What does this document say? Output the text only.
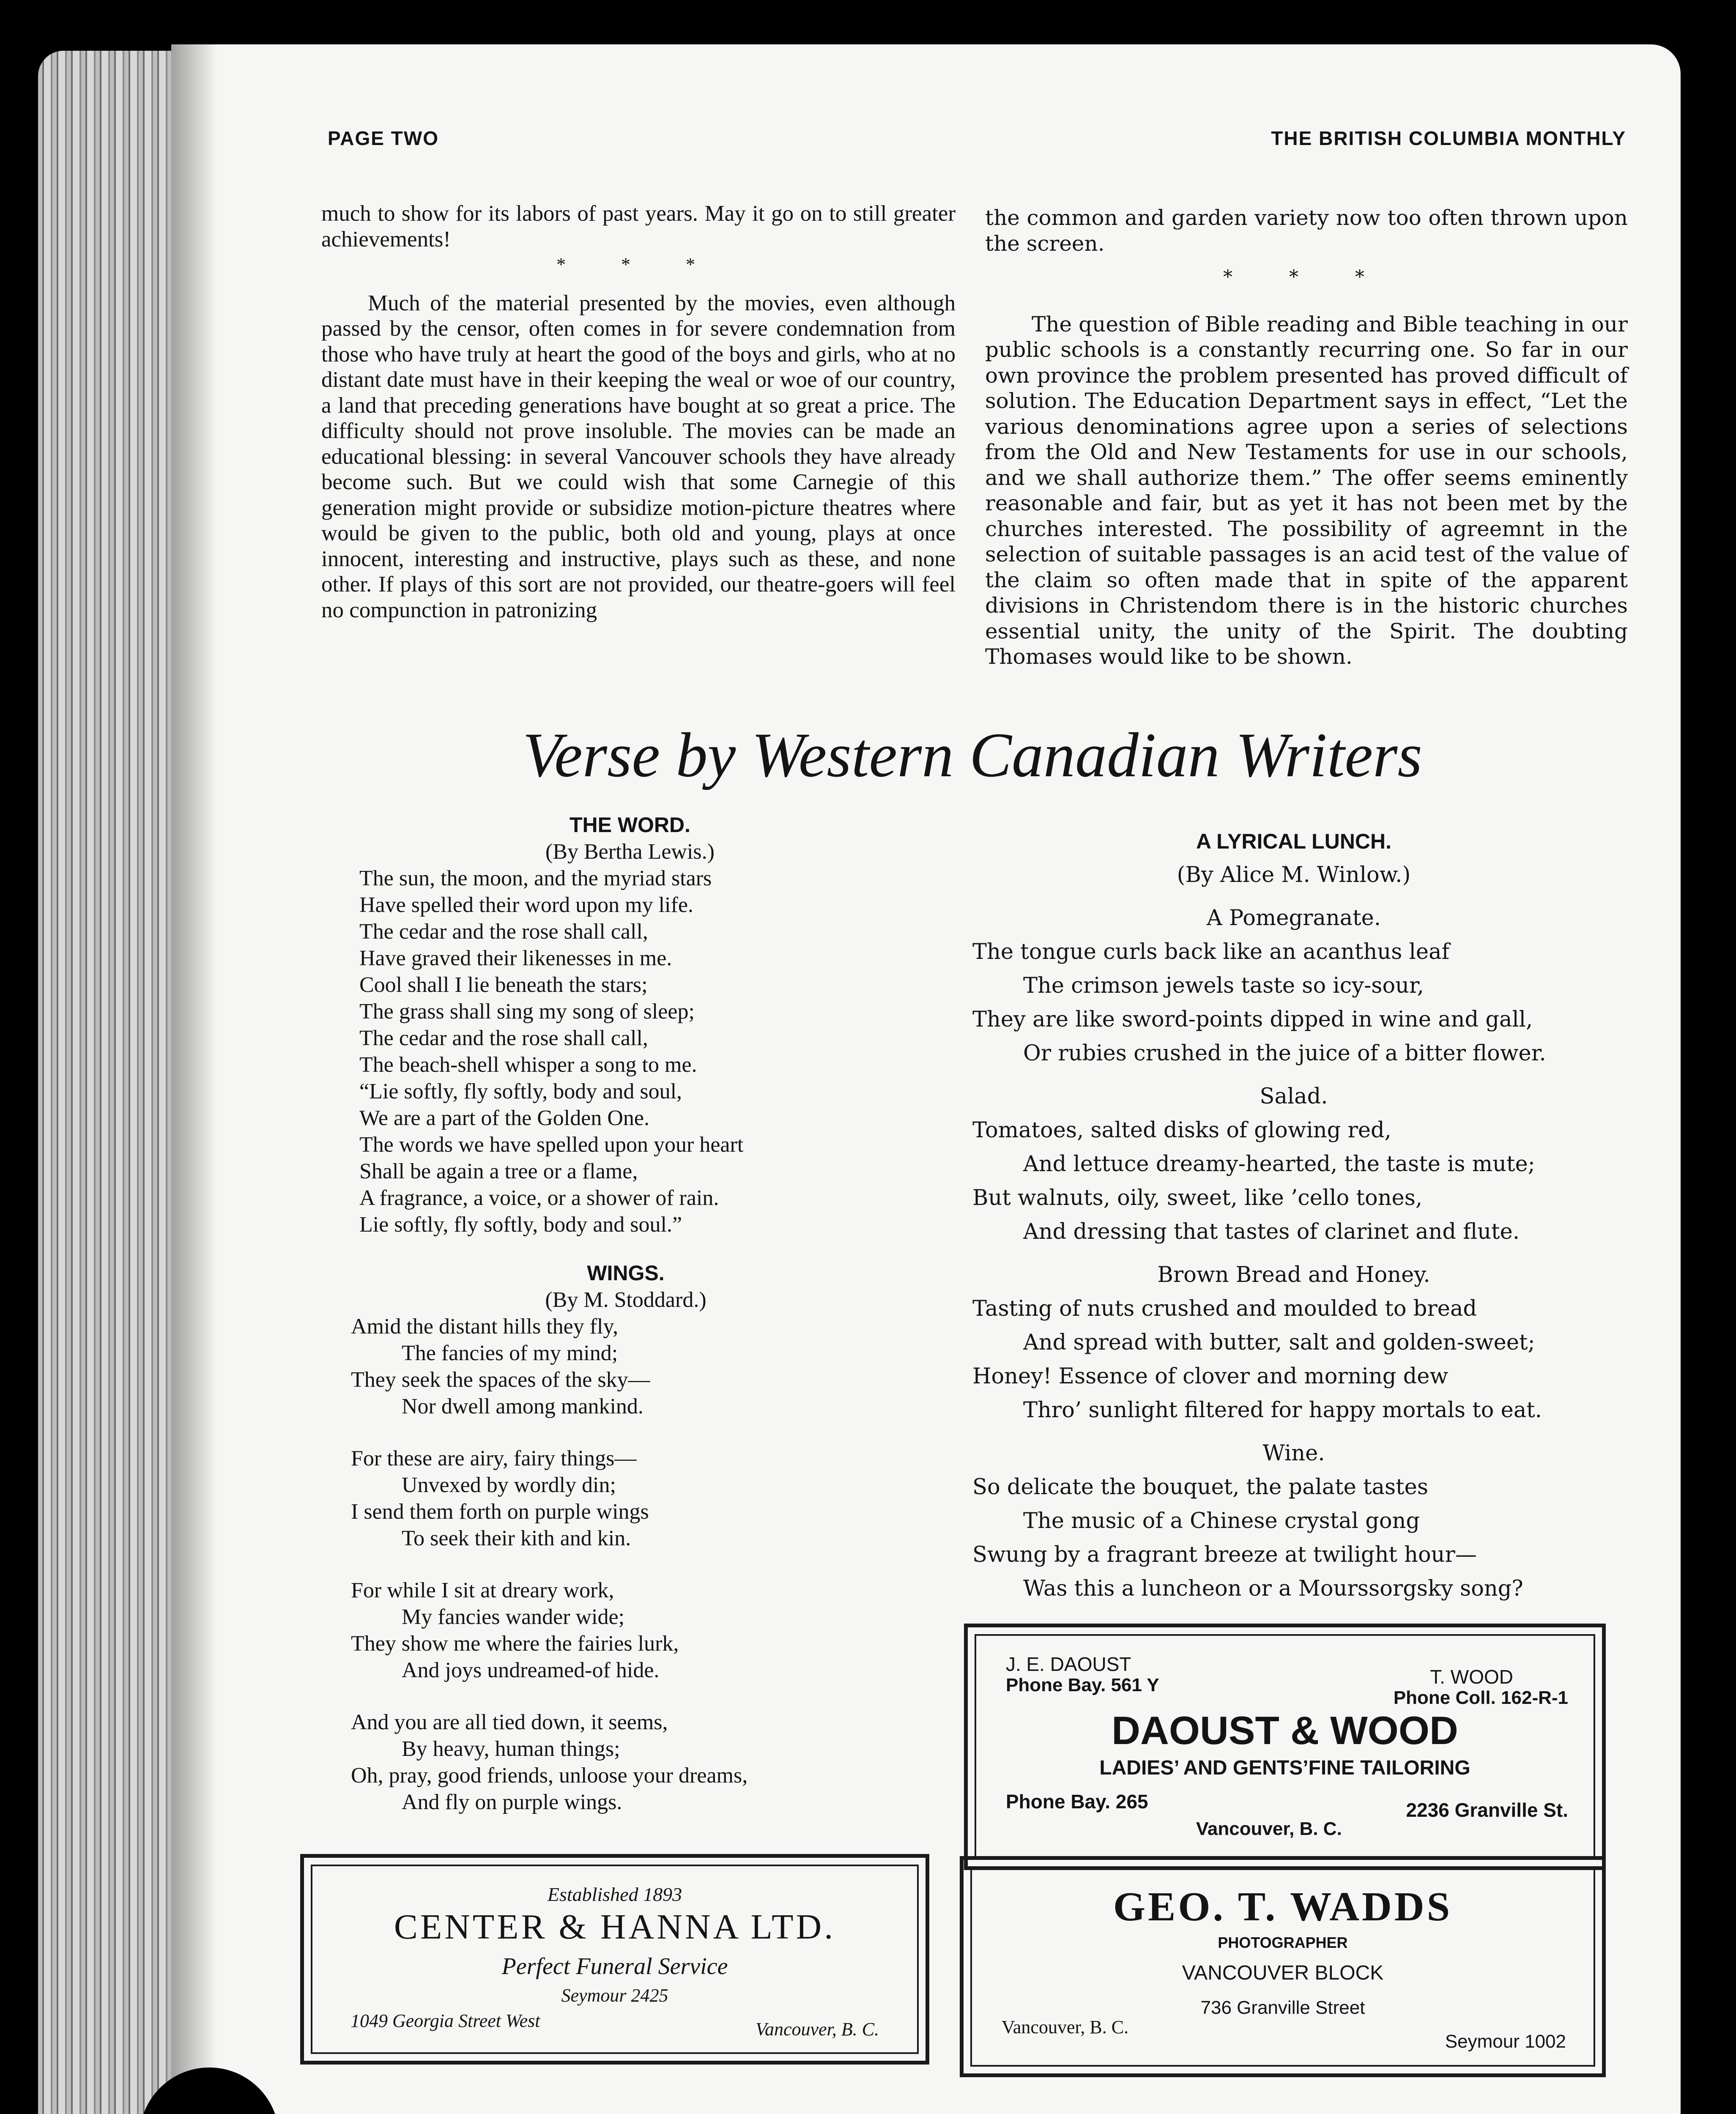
PAGE TWO	THE BRITISH COLUMBIA MONTHLY

much to show for its labors of past years. May it go on to still greater achievements!

* * *

Much of the material presented by the movies, even although passed by the censor, often comes in for severe condemnation from those who have truly at heart the good of the boys and girls, who at no distant date must have in their keeping the weal or woe of our country, a land that preceding generations have bought at so great a price. The difficulty should not prove insoluble. The movies can be made an educational blessing: in several Vancouver schools they have already become such. But we could wish that some Carnegie of this generation might provide or subsidize motion-picture theatres where would be given to the public, both old and young, plays at once innocent, interesting and instructive, plays such as these, and none other. If plays of this sort are not provided, our theatre-goers will feel no compunction in patronizing

the common and garden variety now too often thrown upon the screen.

* * *

The question of Bible reading and Bible teaching in our public schools is a constantly recurring one. So far in our own province the problem presented has proved difficult of solution. The Education Department says in effect, “Let the various denominations agree upon a series of selections from the Old and New Testaments for use in our schools, and we shall authorize them.” The offer seems eminently reasonable and fair, but as yet it has not been met by the churches interested. The possibility of agreemnt in the selection of suitable passages is an acid test of the value of the claim so often made that in spite of the apparent divisions in Christendom there is in the historic churches essential unity, the unity of the Spirit. The doubting Thomases would like to be shown.

Verse by Western Canadian Writers
THE WORD.
(By Bertha Lewis.)
The sun, the moon, and the myriad stars
Have spelled their word upon my life.
The cedar and the rose shall call,
Have graved their likenesses in me.
Cool shall I lie beneath the stars;
The grass shall sing my song of sleep;
The cedar and the rose shall call,
The beach-shell whisper a song to me.
“Lie softly, fly softly, body and soul,
We are a part of the Golden One.
The words we have spelled upon your heart
Shall be again a tree or a flame,
A fragrance, a voice, or a shower of rain.
Lie softly, fly softly, body and soul.”
WINGS.
(By M. Stoddard.)
Amid the distant hills they fly,
The fancies of my mind;
They seek the spaces of the sky—
Nor dwell among mankind.
For these are airy, fairy things—
Unvexed by wordly din;
I send them forth on purple wings
To seek their kith and kin.
For while I sit at dreary work,
My fancies wander wide;
They show me where the fairies lurk,
And joys undreamed-of hide.
And you are all tied down, it seems,
By heavy, human things;
Oh, pray, good friends, unloose your dreams,
And fly on purple wings.
A LYRICAL LUNCH.
(By Alice M. Winlow.)
A Pomegranate.
The tongue curls back like an acanthus leaf
The crimson jewels taste so icy-sour,
They are like sword-points dipped in wine and gall,
Or rubies crushed in the juice of a bitter flower.
Salad.
Tomatoes, salted disks of glowing red,
And lettuce dreamy-hearted, the taste is mute;
But walnuts, oily, sweet, like ’cello tones,
And dressing that tastes of clarinet and flute.
Brown Bread and Honey.
Tasting of nuts crushed and moulded to bread
And spread with butter, salt and golden-sweet;
Honey! Essence of clover and morning dew
Thro’ sunlight filtered for happy mortals to eat.
Wine.
So delicate the bouquet, the palate tastes
The music of a Chinese crystal gong
Swung by a fragrant breeze at twilight hour—
Was this a luncheon or a Mourssorgsky song?
J. E. DAOUST
Phone Bay. 561 Y	T. WOOD
Phone Coll. 162-R-1
DAOUST & WOOD
LADIES’ AND GENTS’FINE TAILORING
Phone Bay. 265	2236 Granville St.
Vancouver, B. C.
Established 1893
CENTER & HANNA LTD.
Perfect Funeral Service
Seymour 2425
1049 Georgia Street West	Vancouver, B. C.
GEO. T. WADDS
PHOTOGRAPHER
VANCOUVER BLOCK
736 Granville Street
Vancouver, B. C.
Seymour 1002
